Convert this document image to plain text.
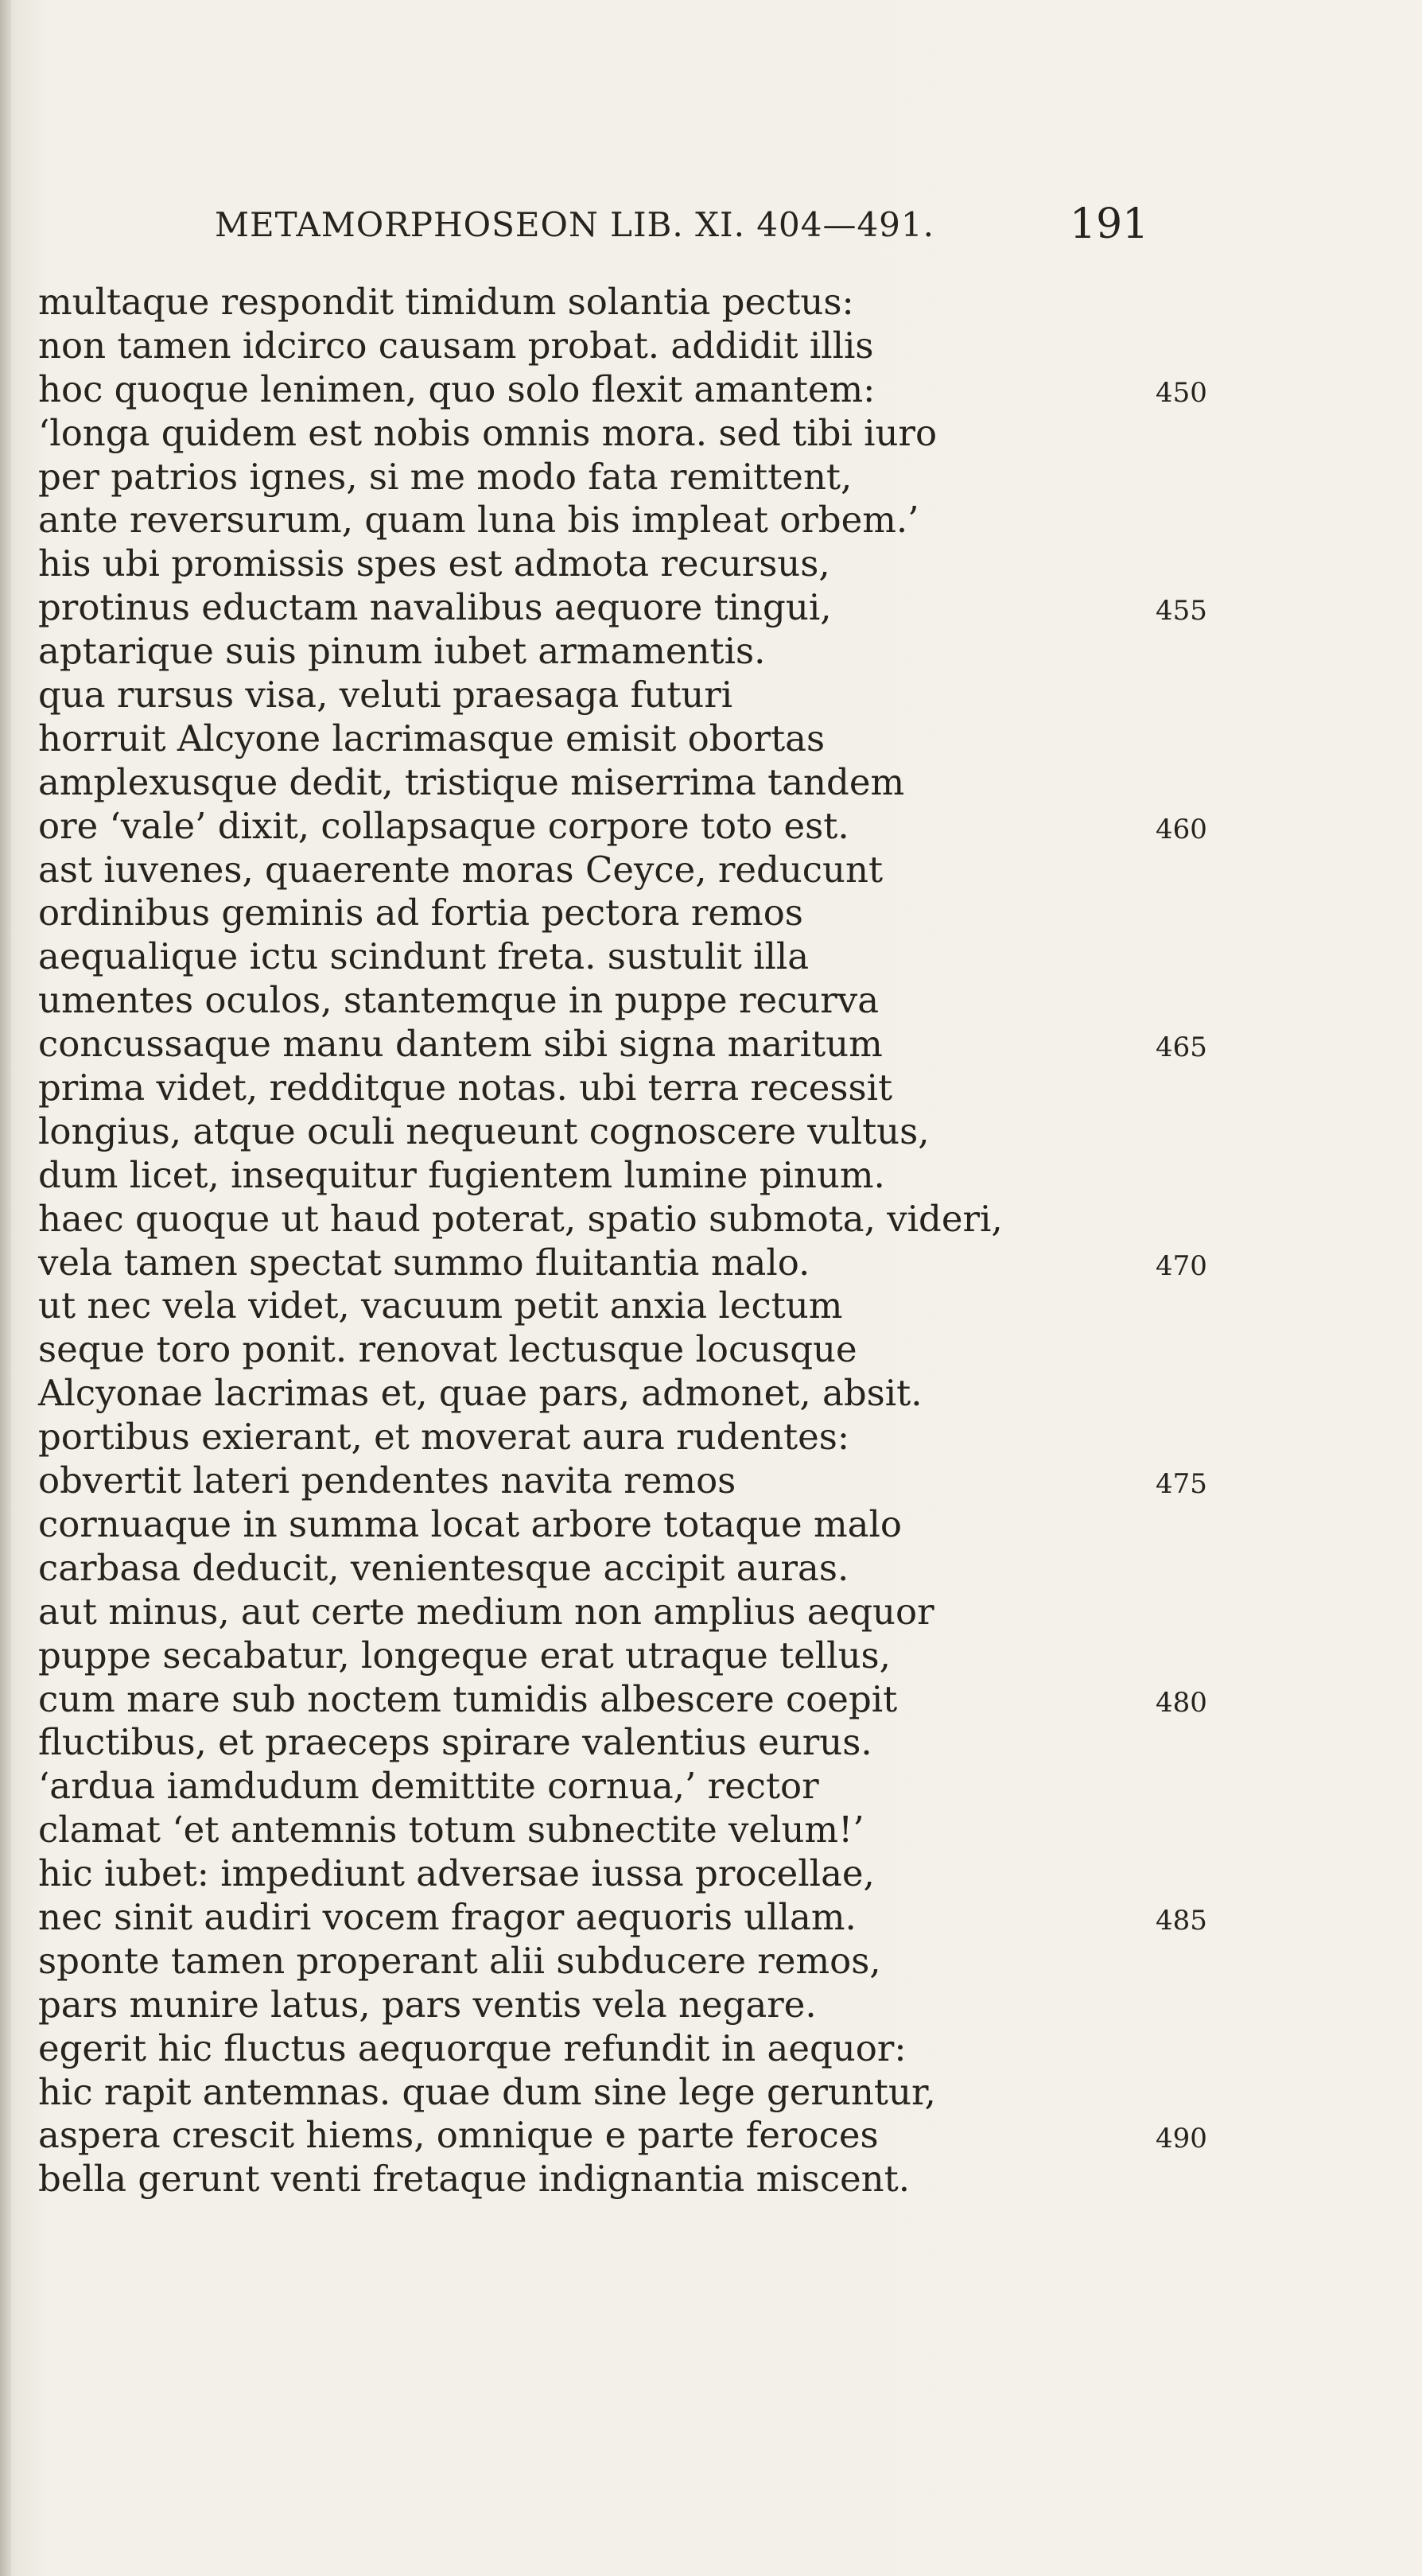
METAMORPHOSEON LIB. XI. 404—491.	191
multaque respondit timidum solantia pectus:
non tamen idcirco causam probat. addidit illis
hoc quoque lenimen, quo solo flexit amantem:	450
‘longa quidem est nobis omnis mora. sed tibi iuro
per patrios ignes, si me modo fata remittent,
ante reversurum, quam luna bis impleat orbem.’
his ubi promissis spes est admota recursus,
protinus eductam navalibus aequore tingui,	455
aptarique suis pinum iubet armamentis.
qua rursus visa, veluti praesaga futuri
horruit Alcyone lacrimasque emisit obortas
amplexusque dedit, tristique miserrima tandem
ore ‘vale’ dixit, collapsaque corpore toto est.	460
ast iuvenes, quaerente moras Ceyce, reducunt
ordinibus geminis ad fortia pectora remos
aequalique ictu scindunt freta. sustulit illa
umentes oculos, stantemque in puppe recurva
concussaque manu dantem sibi signa maritum	465
prima videt, redditque notas. ubi terra recessit
longius, atque oculi nequeunt cognoscere vultus,
dum licet, insequitur fugientem lumine pinum.
haec quoque ut haud poterat, spatio submota, videri,
vela tamen spectat summo fluitantia malo.	470
ut nec vela videt, vacuum petit anxia lectum
seque toro ponit. renovat lectusque locusque
Alcyonae lacrimas et, quae pars, admonet, absit.
portibus exierant, et moverat aura rudentes:
obvertit lateri pendentes navita remos	475
cornuaque in summa locat arbore totaque malo
carbasa deducit, venientesque accipit auras.
aut minus, aut certe medium non amplius aequor
puppe secabatur, longeque erat utraque tellus,
cum mare sub noctem tumidis albescere coepit	480
fluctibus, et praeceps spirare valentius eurus.
‘ardua iamdudum demittite cornua,’ rector
clamat ‘et antemnis totum subnectite velum!’
hic iubet: impediunt adversae iussa procellae,
nec sinit audiri vocem fragor aequoris ullam.	485
sponte tamen properant alii subducere remos,
pars munire latus, pars ventis vela negare.
egerit hic fluctus aequorque refundit in aequor:
hic rapit antemnas. quae dum sine lege geruntur,
aspera crescit hiems, omnique e parte feroces	490
bella gerunt venti fretaque indignantia miscent.
